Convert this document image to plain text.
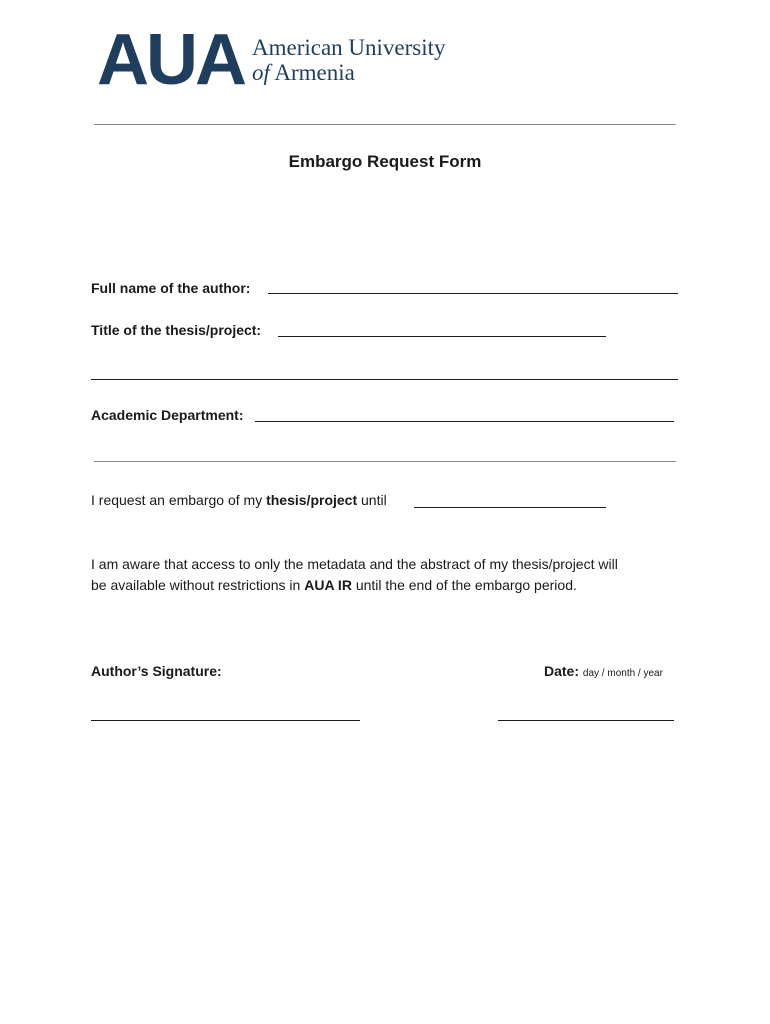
AUA American University
of Armenia
Embargo Request Form
Full name of the author:
Title of the thesis/project:
Academic Department:
I request an embargo of my thesis/project until
I am aware that access to only the metadata and the abstract of my thesis/project will
be available without restrictions in AUA IR until the end of the embargo period.
Author’s Signature:	Date: day / month / year
